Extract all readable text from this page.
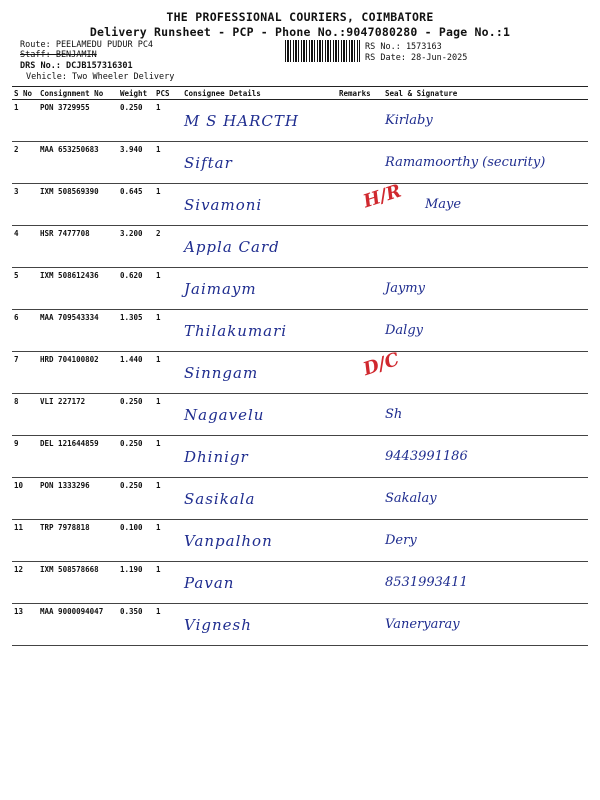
THE PROFESSIONAL COURIERS, COIMBATORE
Delivery Runsheet - PCP - Phone No.:9047080280 - Page No.:1
Route: PEELAMEDU PUDUR PC4
Staff: BENJAMIN
DRS No.: DCJB157316301
Vehicle: Two Wheeler Delivery
RS No.: 1573163
RS Date: 28-Jun-2025
S No	Consignment No	Weight	PCS	Consignee Details	Remarks	Seal & Signature
1	PON 3729955	0.250	1	M S HARCTH		Kirlaby
2	MAA 653250683	3.940	1	Siftar		Ramamoorthy (security)
3	IXM 508569390	0.645	1	Sivamoni		H/R Maye
4	HSR 7477708	3.200	2	Appla Card		
5	IXM 508612436	0.620	1	Jaimaym		Jaymy
6	MAA 709543334	1.305	1	Thilakumari		Dalgy
7	HRD 704100802	1.440	1	Sinngam		D/C

8	VLI 227172	0.250	1	Nagavelu		Sh
9	DEL 121644859	0.250	1	Dhinigr		9443991186
10	PON 1333296	0.250	1	Sasikala		Sakalay
11	TRP 7978818	0.100	1	Vanpalhon		Dery
12	IXM 508578668	1.190	1	Pavan		8531993411
13	MAA 9000094047	0.350	1	Vignesh		Vaneryaray
